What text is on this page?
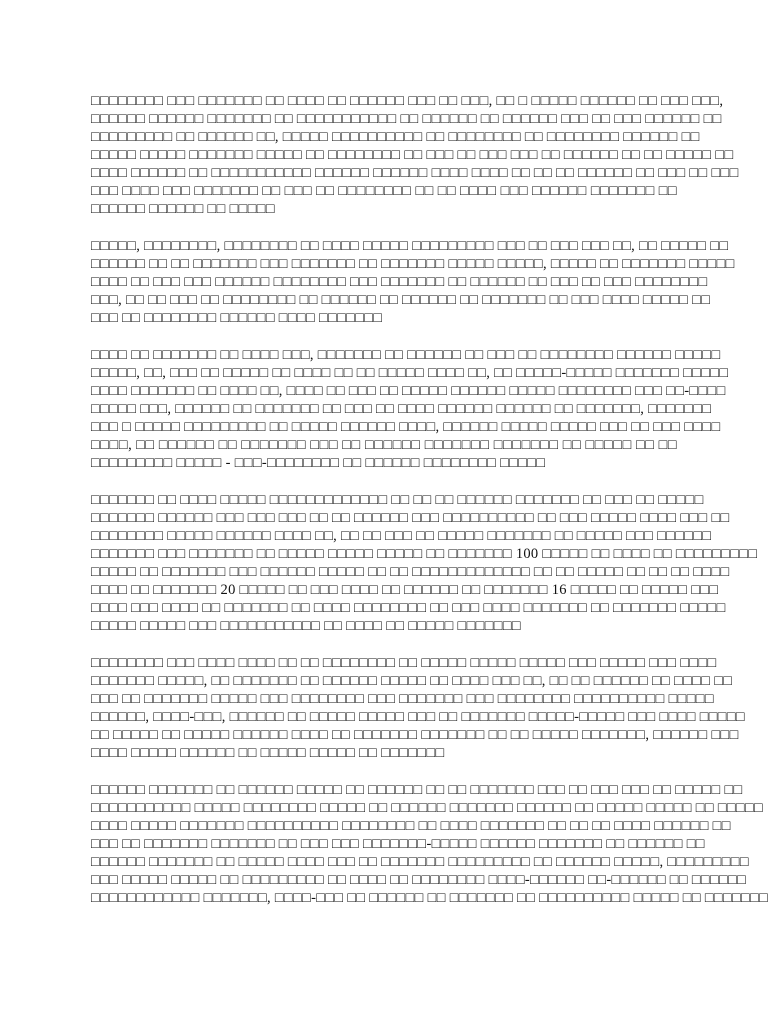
□□□□□□□□ □□□ □□□□□□□ □□ □□□□ □□ □□□□□□ □□□ □□ □□□, □□ □ □□□□□ □□□□□□ □□ □□□ □□□,
□□□□□□ □□□□□□ □□□□□□□ □□ □□□□□□□□□□□ □□ □□□□□□ □□ □□□□□□ □□□ □□ □□□ □□□□□□ □□
□□□□□□□□□ □□ □□□□□□ □□, □□□□□ □□□□□□□□□□ □□ □□□□□□□□ □□ □□□□□□□□ □□□□□□ □□
□□□□□ □□□□□ □□□□□□□ □□□□□ □□ □□□□□□□□ □□ □□□ □□ □□□ □□□ □□ □□□□□□ □□ □□ □□□□□ □□
□□□□ □□□□□□ □□ □□□□□□□□□□□ □□□□□□ □□□□□□ □□□□ □□□□ □□ □□ □□ □□□□□□ □□ □□□ □□ □□□
□□□ □□□□ □□□ □□□□□□□ □□ □□□ □□ □□□□□□□□ □□ □□ □□□□ □□□ □□□□□□ □□□□□□□ □□
□□□□□□ □□□□□□ □□ □□□□□
□□□□□, □□□□□□□□, □□□□□□□□ □□ □□□□ □□□□□ □□□□□□□□□ □□□ □□ □□□ □□□ □□, □□ □□□□□ □□
□□□□□□ □□ □□ □□□□□□□ □□□ □□□□□□□ □□ □□□□□□□ □□□□□ □□□□□, □□□□□ □□ □□□□□□□ □□□□□
□□□□ □□ □□□ □□□ □□□□□□ □□□□□□□□ □□□ □□□□□□□ □□ □□□□□□ □□ □□□ □□ □□□ □□□□□□□□
□□□, □□ □□ □□□ □□ □□□□□□□□ □□ □□□□□□ □□ □□□□□□ □□ □□□□□□□ □□ □□□ □□□□ □□□□□ □□
□□□ □□ □□□□□□□□ □□□□□□ □□□□ □□□□□□□
□□□□ □□ □□□□□□□ □□ □□□□ □□□, □□□□□□□ □□ □□□□□□ □□ □□□ □□ □□□□□□□□ □□□□□□ □□□□□
□□□□□, □□, □□□ □□ □□□□□ □□ □□□□ □□ □□ □□□□□ □□□□ □□, □□ □□□□□-□□□□□ □□□□□□□ □□□□□
□□□□ □□□□□□□ □□ □□□□ □□, □□□□ □□ □□□ □□ □□□□□ □□□□□□ □□□□□ □□□□□□□□ □□□ □□-□□□□
□□□□□ □□□, □□□□□□ □□ □□□□□□□ □□ □□□ □□ □□□□ □□□□□□ □□□□□□ □□ □□□□□□□, □□□□□□□
□□□ □ □□□□□ □□□□□□□□□ □□ □□□□□ □□□□□□ □□□□, □□□□□□ □□□□□ □□□□□ □□□ □□ □□□ □□□□
□□□□, □□ □□□□□□ □□ □□□□□□□ □□□ □□ □□□□□□ □□□□□□□ □□□□□□□ □□ □□□□□ □□ □□
□□□□□□□□□ □□□□□ - □□□-□□□□□□□□ □□ □□□□□□ □□□□□□□□ □□□□□
□□□□□□□ □□ □□□□ □□□□□ □□□□□□□□□□□□□ □□ □□ □□ □□□□□□ □□□□□□□ □□ □□□ □□ □□□□□
□□□□□□□ □□□□□□ □□□ □□□ □□□ □□ □□ □□□□□□ □□□ □□□□□□□□□□ □□ □□□ □□□□□ □□□□ □□□ □□
□□□□□□□□ □□□□□ □□□□□□ □□□□ □□, □□ □□ □□□ □□ □□□□□ □□□□□□□ □□ □□□□□ □□□ □□□□□□
□□□□□□□ □□□ □□□□□□□ □□ □□□□□ □□□□□ □□□□□ □□ □□□□□□□ 100 □□□□□ □□ □□□□ □□ □□□□□□□□□
□□□□□ □□ □□□□□□□ □□□ □□□□□□ □□□□□ □□ □□ □□□□□□□□□□□□□ □□ □□ □□□□□ □□ □□ □□ □□□□
□□□□ □□ □□□□□□□ 20 □□□□□ □□ □□□ □□□□ □□ □□□□□□ □□ □□□□□□□ 16 □□□□□ □□ □□□□□ □□□
□□□□ □□□ □□□□ □□ □□□□□□□ □□ □□□□ □□□□□□□□ □□ □□□ □□□□ □□□□□□□ □□ □□□□□□□ □□□□□
□□□□□ □□□□□ □□□ □□□□□□□□□□□ □□ □□□□ □□ □□□□□ □□□□□□□
□□□□□□□□ □□□ □□□□ □□□□ □□ □□ □□□□□□□□ □□ □□□□□ □□□□□ □□□□□ □□□ □□□□□ □□□ □□□□
□□□□□□□ □□□□□, □□ □□□□□□□ □□ □□□□□□ □□□□□ □□ □□□□ □□□ □□, □□ □□ □□□□□□ □□ □□□□ □□
□□□ □□ □□□□□□□ □□□□□ □□□ □□□□□□□□ □□□ □□□□□□□ □□□ □□□□□□□□ □□□□□□□□□□ □□□□□
□□□□□□, □□□□-□□□, □□□□□□ □□ □□□□□ □□□□□ □□□ □□ □□□□□□□ □□□□□-□□□□□ □□□ □□□□ □□□□□
□□ □□□□□ □□ □□□□□ □□□□□□ □□□□ □□ □□□□□□□ □□□□□□□ □□ □□ □□□□□ □□□□□□□, □□□□□□ □□□
□□□□ □□□□□ □□□□□□ □□ □□□□□ □□□□□ □□ □□□□□□□
□□□□□□ □□□□□□□ □□ □□□□□□ □□□□□ □□ □□□□□□ □□ □□ □□□□□□□ □□□ □□ □□□ □□□ □□ □□□□□ □□
□□□□□□□□□□□ □□□□□ □□□□□□□□ □□□□□ □□ □□□□□□ □□□□□□□ □□□□□□ □□ □□□□□ □□□□□ □□ □□□□□
□□□□ □□□□□ □□□□□□□ □□□□□□□□□□ □□□□□□□□ □□ □□□□ □□□□□□□ □□ □□ □□ □□□□ □□□□□□ □□
□□□ □□ □□□□□□□ □□□□□□□ □□ □□□ □□□ □□□□□□□-□□□□□ □□□□□□ □□□□□□□ □□ □□□□□□ □□
□□□□□□ □□□□□□□ □□ □□□□□ □□□□ □□□ □□ □□□□□□□ □□□□□□□□□ □□ □□□□□□ □□□□□, □□□□□□□□□
□□□ □□□□□ □□□□□ □□ □□□□□□□□□ □□ □□□□ □□ □□□□□□□□ □□□□-□□□□□□ □□-□□□□□□ □□ □□□□□□
□□□□□□□□□□□□ □□□□□□□, □□□□-□□□ □□ □□□□□□ □□ □□□□□□□ □□ □□□□□□□□□□ □□□□□ □□ □□□□□□□
